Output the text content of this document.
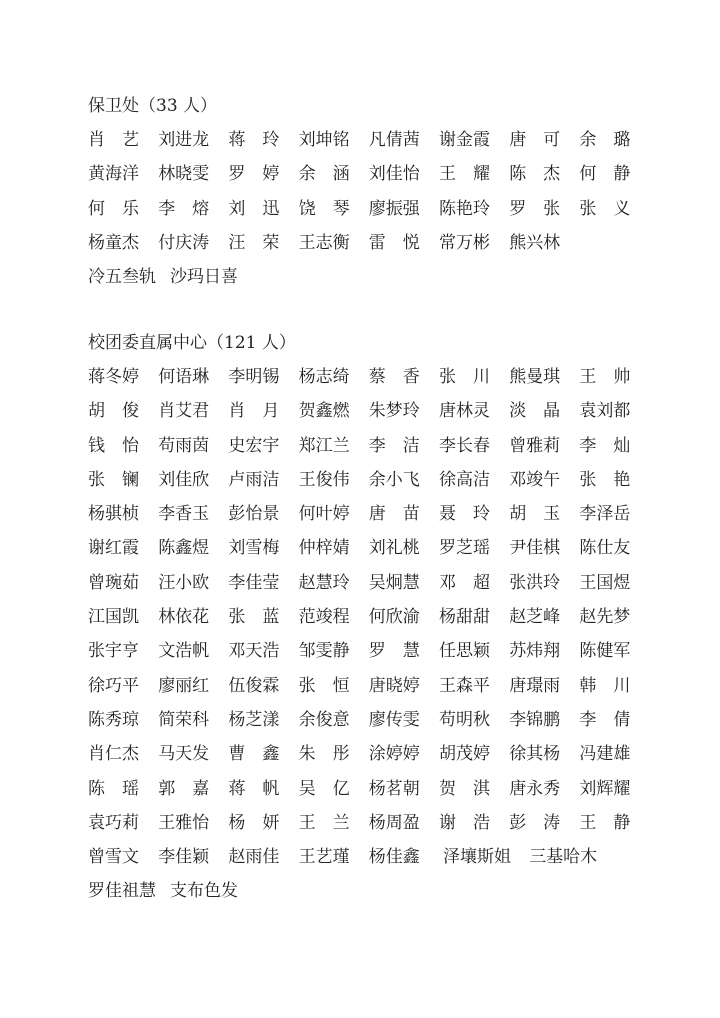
保卫处（33 人）
肖　艺	刘进龙	蒋　玲	刘坤铭	凡倩茜	谢金霞	唐　可	余　璐
黄海洋	林晓雯	罗　婷	余　涵	刘佳怡	王　耀	陈　杰	何　静
何　乐	李　熔	刘　迅	饶　琴	廖振强	陈艳玲	罗　张	张　义
杨童杰	付庆涛	汪　荣	王志衡	雷　悦	常万彬	熊兴林
冷五叁轨 沙玛日喜
校团委直属中心（121 人）
蒋冬婷	何语琳	李明锡	杨志绮	蔡　香	张　川	熊曼琪	王　帅
胡　俊	肖艾君	肖　月	贺鑫燃	朱梦玲	唐林灵	淡　晶	袁刘都
钱　怡	苟雨茵	史宏宇	郑江兰	李　洁	李长春	曾雅莉	李　灿
张　镧	刘佳欣	卢雨洁	王俊伟	余小飞	徐高洁	邓竣午	张　艳
杨骐桢	李香玉	彭怡景	何叶婷	唐　苗	聂　玲	胡　玉	李泽岳
谢红霞	陈鑫煜	刘雪梅	仲梓婧	刘礼桃	罗芝瑶	尹佳棋	陈仕友
曾琬茹	汪小欧	李佳莹	赵慧玲	吴炯慧	邓　超	张洪玲	王国煜
江国凯	林依花	张　蓝	范竣程	何欣渝	杨甜甜	赵芝峰	赵先梦
张宇亨	文浩帆	邓天浩	邹雯静	罗　慧	任思颖	苏炜翔	陈健军
徐巧平	廖丽红	伍俊霖	张　恒	唐晓婷	王森平	唐璟雨	韩　川
陈秀琼	简荣科	杨芝漾	余俊意	廖传雯	苟明秋	李锦鹏	李　倩
肖仁杰	马天发	曹　鑫	朱　彤	涂婷婷	胡茂婷	徐其杨	冯建雄
陈　瑶	郭　嘉	蒋　帆	吴　亿	杨茗朝	贺　淇	唐永秀	刘辉耀
袁巧莉	王雅怡	杨　妍	王　兰	杨周盈	谢　浩	彭　涛	王　静
曾雪文	李佳颖	赵雨佳	王艺瑾	杨佳鑫	泽壤斯姐	三基哈木
罗佳祖慧 支布色发
